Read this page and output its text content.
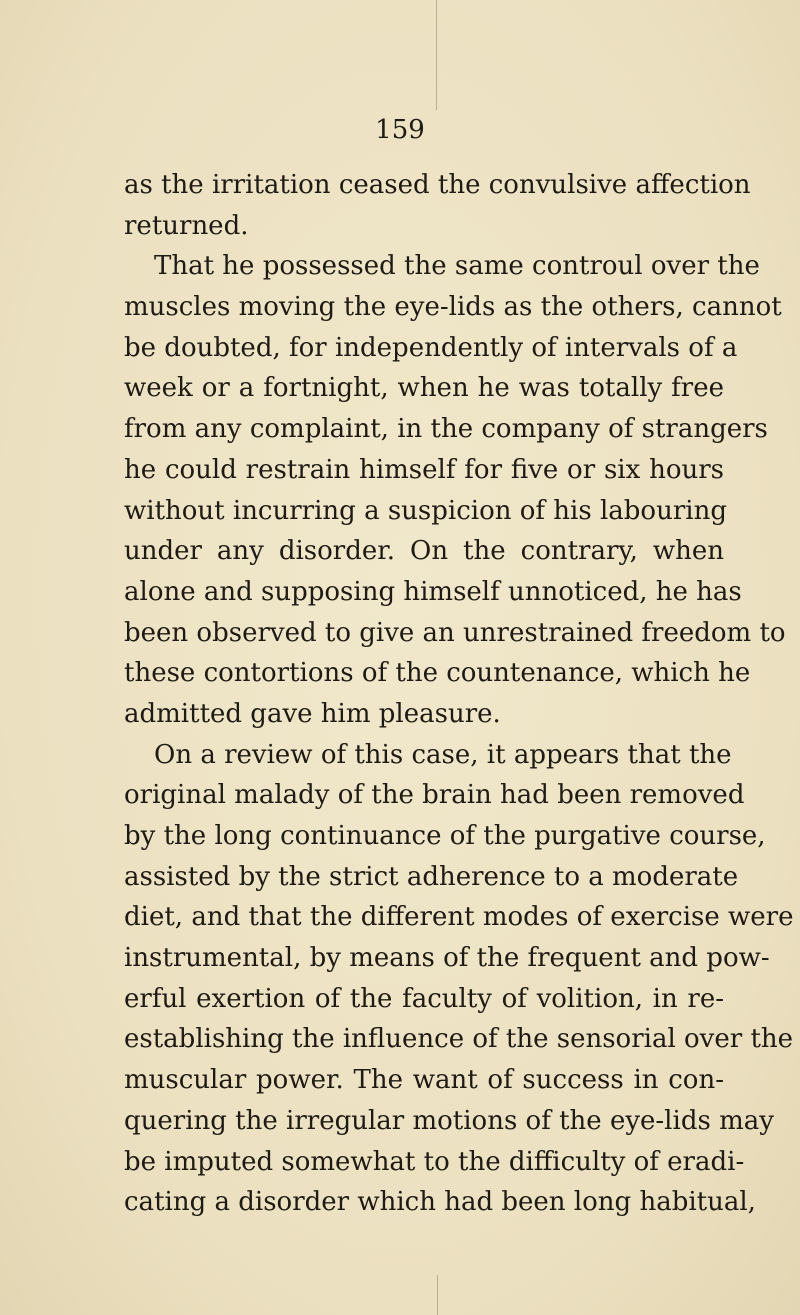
159
as the irritation ceased the convulsive affection
returned.
That he possessed the same controul over the
muscles moving the eye-lids as the others, cannot
be doubted, for independently of intervals of a
week or a fortnight, when he was totally free
from any complaint, in the company of strangers
he could restrain himself for five or six hours
without incurring a suspicion of his labouring
under any disorder. On the contrary, when
alone and supposing himself unnoticed, he has
been observed to give an unrestrained freedom to
these contortions of the countenance, which he
admitted gave him pleasure.
On a review of this case, it appears that the
original malady of the brain had been removed
by the long continuance of the purgative course,
assisted by the strict adherence to a moderate
diet, and that the different modes of exercise were
instrumental, by means of the frequent and pow-
erful exertion of the faculty of volition, in re-
establishing the influence of the sensorial over the
muscular power. The want of success in con-
quering the irregular motions of the eye-lids may
be imputed somewhat to the difficulty of eradi-
cating a disorder which had been long habitual,
